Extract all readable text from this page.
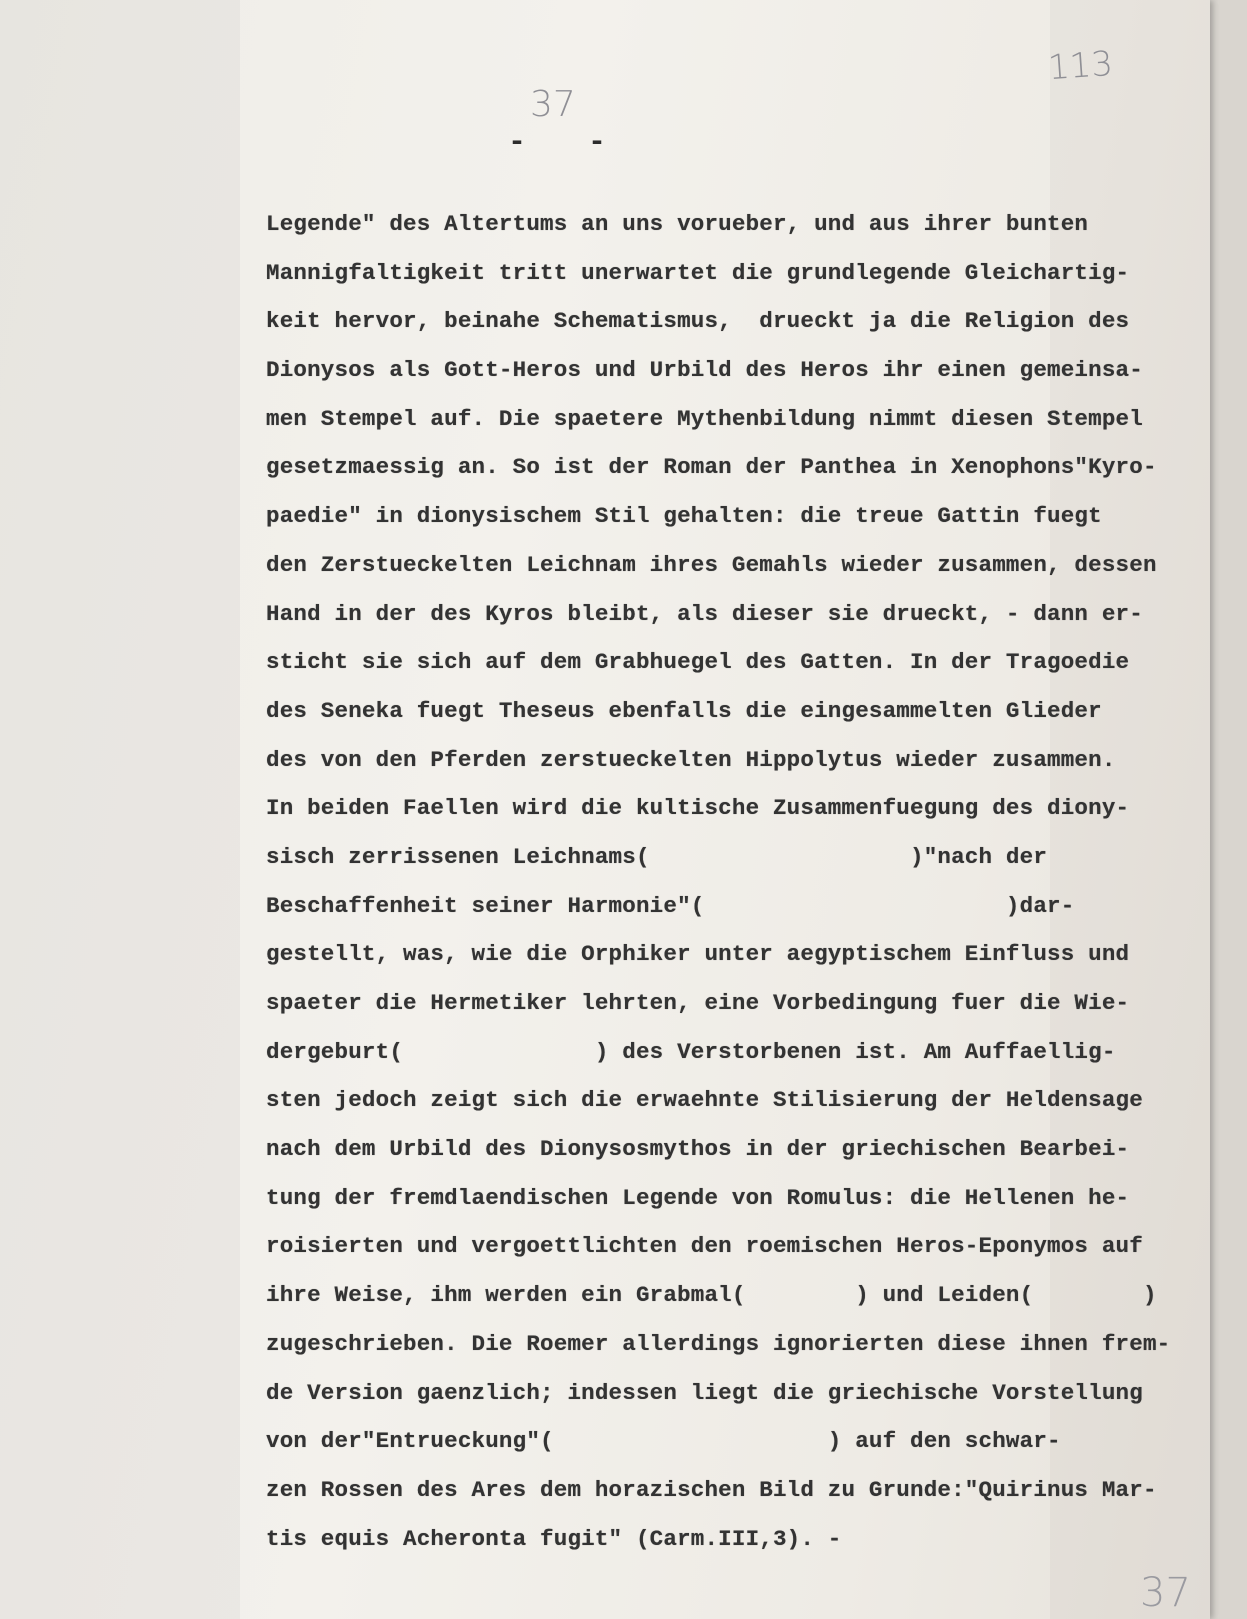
113
37
-   -
Legende" des Altertums an uns vorueber, und aus ihrer bunten
Mannigfaltigkeit tritt unerwartet die grundlegende Gleichartig-
keit hervor, beinahe Schematismus,  drueckt ja die Religion des
Dionysos als Gott-Heros und Urbild des Heros ihr einen gemeinsa-
men Stempel auf. Die spaetere Mythenbildung nimmt diesen Stempel
gesetzmaessig an. So ist der Roman der Panthea in Xenophons"Kyro-
paedie" in dionysischem Stil gehalten: die treue Gattin fuegt
den Zerstueckelten Leichnam ihres Gemahls wieder zusammen, dessen
Hand in der des Kyros bleibt, als dieser sie drueckt, - dann er-
sticht sie sich auf dem Grabhuegel des Gatten. In der Tragoedie
des Seneka fuegt Theseus ebenfalls die eingesammelten Glieder
des von den Pferden zerstueckelten Hippolytus wieder zusammen.
In beiden Faellen wird die kultische Zusammenfuegung des diony-
sisch zerrissenen Leichnams(                   )"nach der
Beschaffenheit seiner Harmonie"(                      )dar-
gestellt, was, wie die Orphiker unter aegyptischem Einfluss und
spaeter die Hermetiker lehrten, eine Vorbedingung fuer die Wie-
dergeburt(              ) des Verstorbenen ist. Am Auffaellig-
sten jedoch zeigt sich die erwaehnte Stilisierung der Heldensage
nach dem Urbild des Dionysosmythos in der griechischen Bearbei-
tung der fremdlaendischen Legende von Romulus: die Hellenen he-
roisierten und vergoettlichten den roemischen Heros-Eponymos auf
ihre Weise, ihm werden ein Grabmal(        ) und Leiden(        )
zugeschrieben. Die Roemer allerdings ignorierten diese ihnen frem-
de Version gaenzlich; indessen liegt die griechische Vorstellung
von der"Entrueckung"(                    ) auf den schwar-
zen Rossen des Ares dem horazischen Bild zu Grunde:"Quirinus Mar-
tis equis Acheronta fugit" (Carm.III,3). -
37
